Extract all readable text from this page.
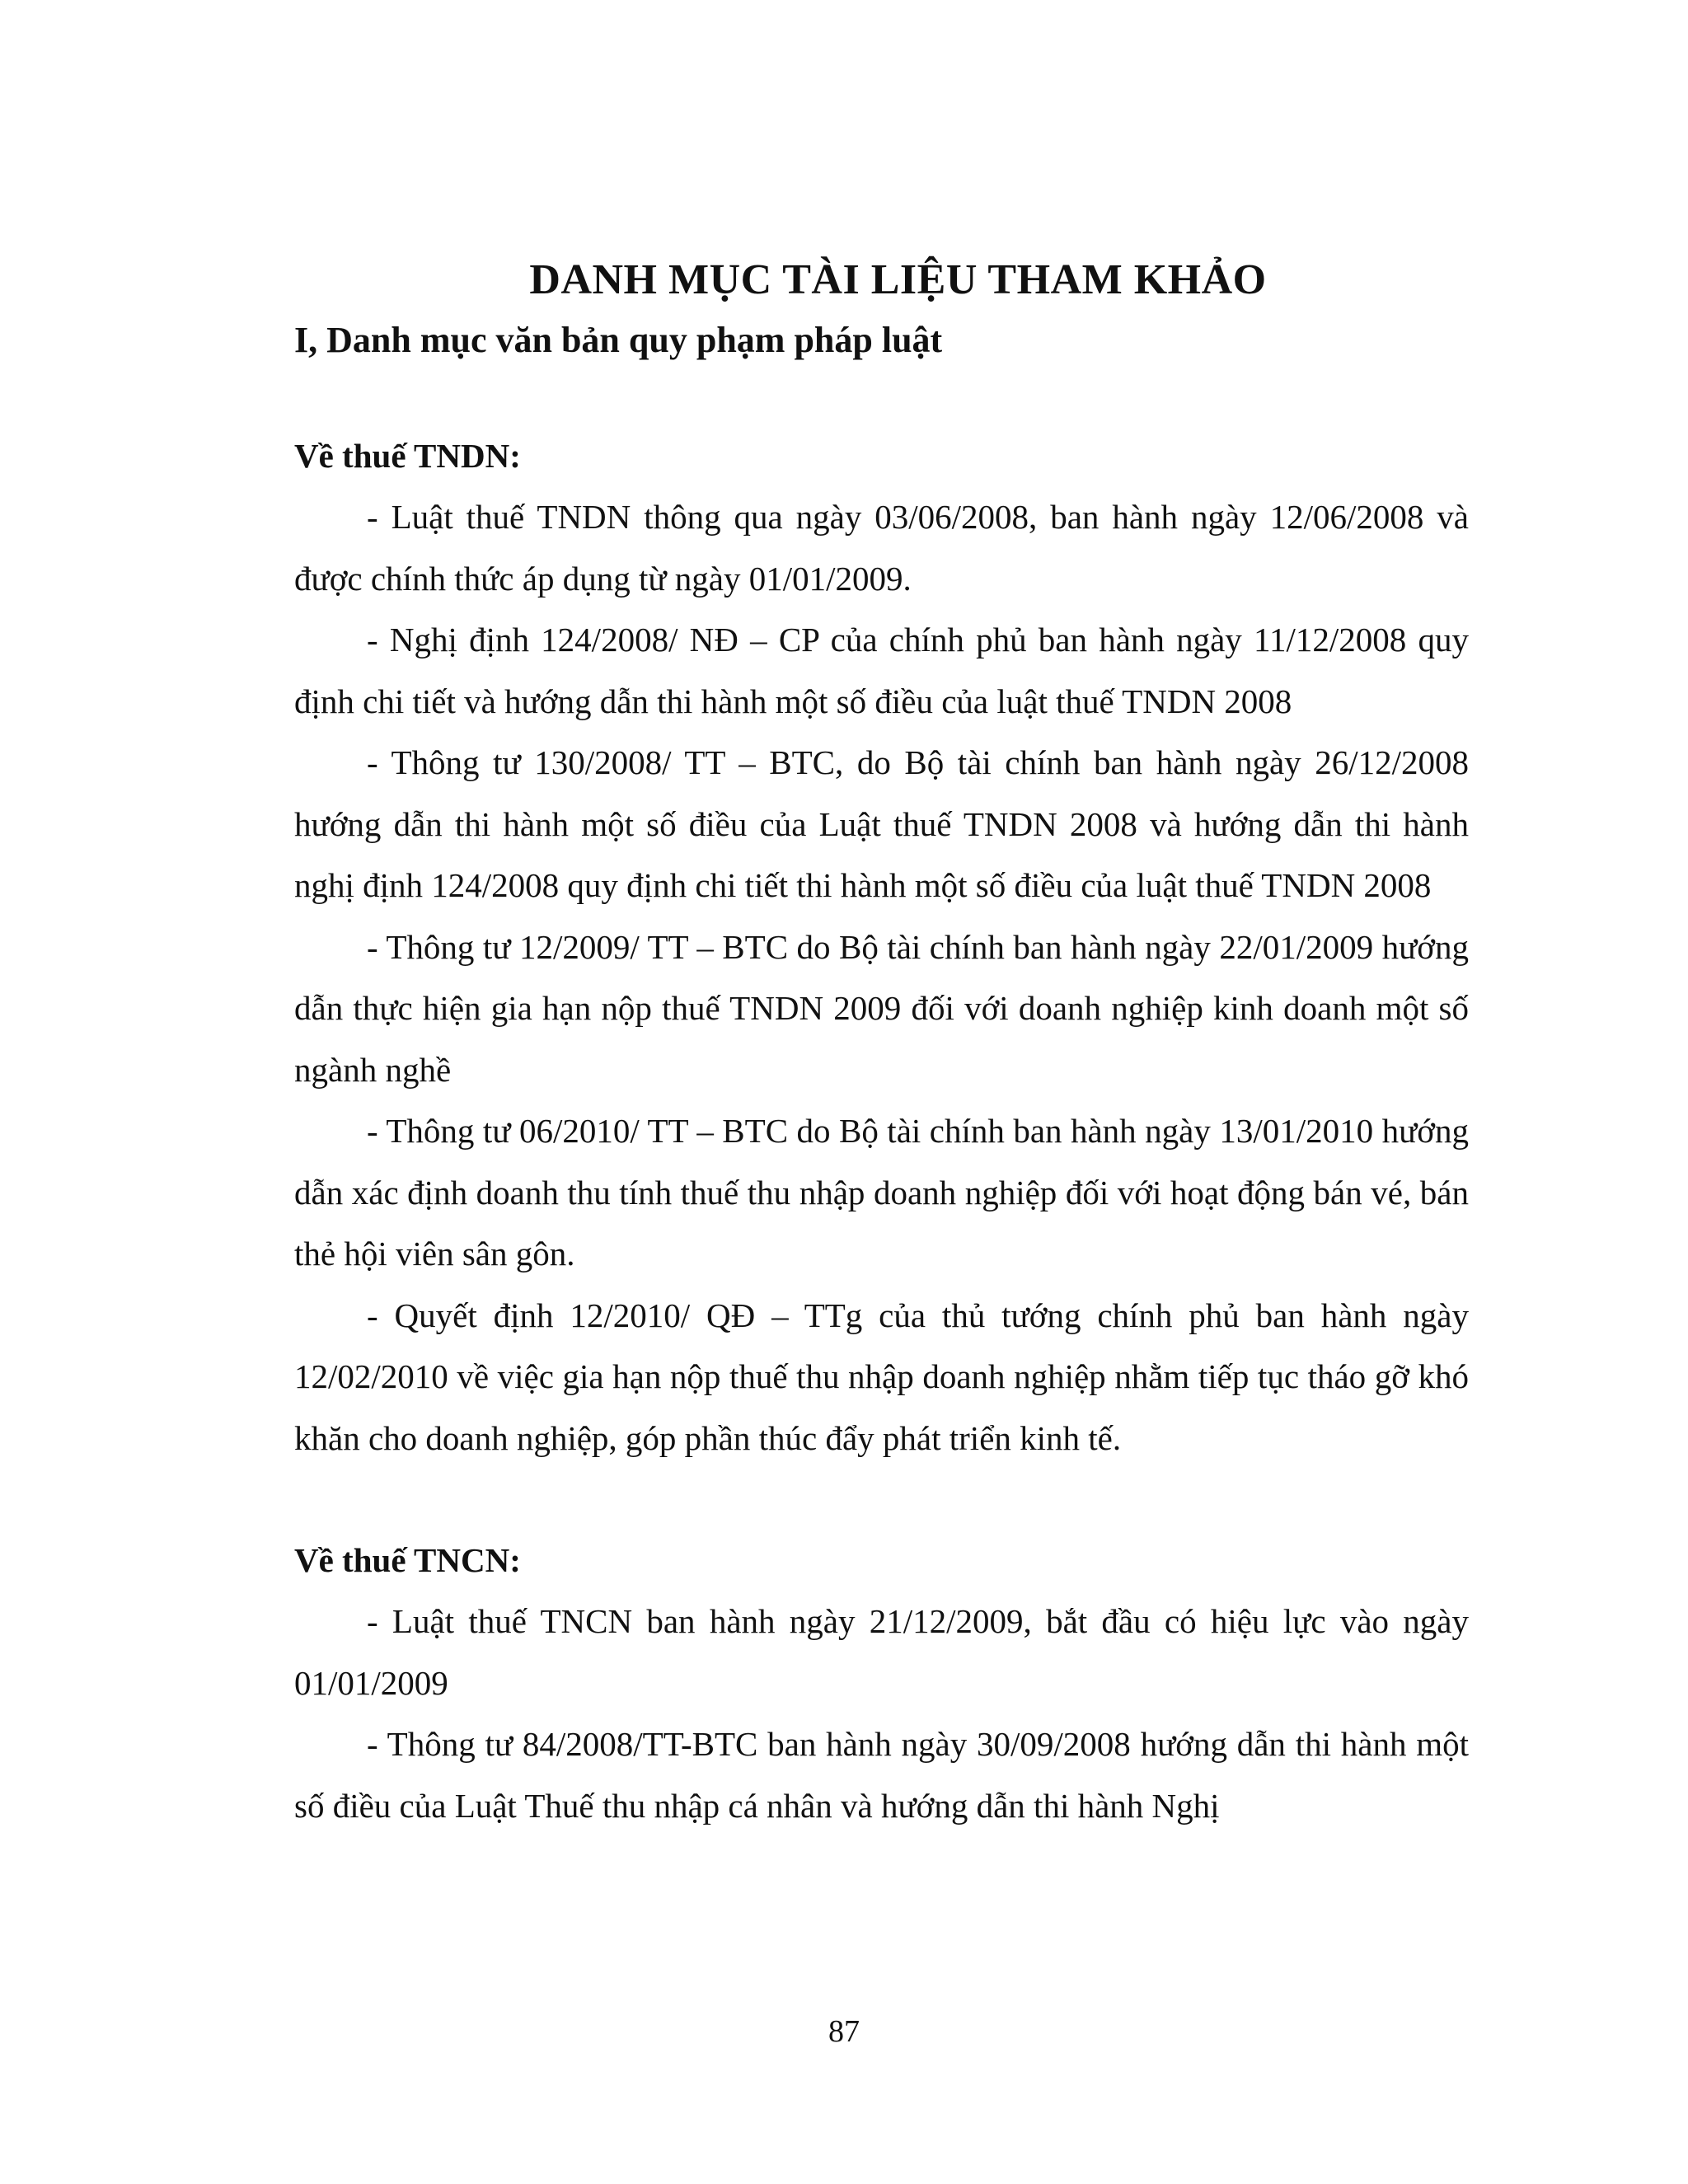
DANH MỤC TÀI LIỆU THAM KHẢO
I, Danh mục văn bản quy phạm pháp luật

Về thuế TNDN:

- Luật thuế TNDN thông qua ngày 03/06/2008, ban hành ngày 12/06/2008 và được chính thức áp dụng từ ngày 01/01/2009.

- Nghị định 124/2008/ NĐ – CP của chính phủ ban hành ngày 11/12/2008 quy định chi tiết và hướng dẫn thi hành một số điều của luật thuế TNDN 2008

- Thông tư 130/2008/ TT – BTC, do Bộ tài chính ban hành ngày 26/12/2008 hướng dẫn thi hành một số điều của Luật thuế TNDN 2008 và hướng dẫn thi hành nghị định 124/2008 quy định chi tiết thi hành một số điều của luật thuế TNDN 2008

- Thông tư 12/2009/ TT – BTC do Bộ tài chính ban hành ngày 22/01/2009 hướng dẫn thực hiện gia hạn nộp thuế TNDN 2009 đối với doanh nghiệp kinh doanh một số ngành nghề

- Thông tư 06/2010/ TT – BTC do Bộ tài chính ban hành ngày 13/01/2010 hướng dẫn xác định doanh thu tính thuế thu nhập doanh nghiệp đối với hoạt động bán vé, bán thẻ hội viên sân gôn.

- Quyết định 12/2010/ QĐ – TTg của thủ tướng chính phủ ban hành ngày 12/02/2010 về việc gia hạn nộp thuế thu nhập doanh nghiệp nhằm tiếp tục tháo gỡ khó khăn cho doanh nghiệp, góp phần thúc đẩy phát triển kinh tế.

Về thuế TNCN:

- Luật thuế TNCN ban hành ngày 21/12/2009, bắt đầu có hiệu lực vào ngày 01/01/2009

- Thông tư 84/2008/TT-BTC ban hành ngày 30/09/2008 hướng dẫn thi hành một số điều của Luật Thuế thu nhập cá nhân và hướng dẫn thi hành Nghị

87
